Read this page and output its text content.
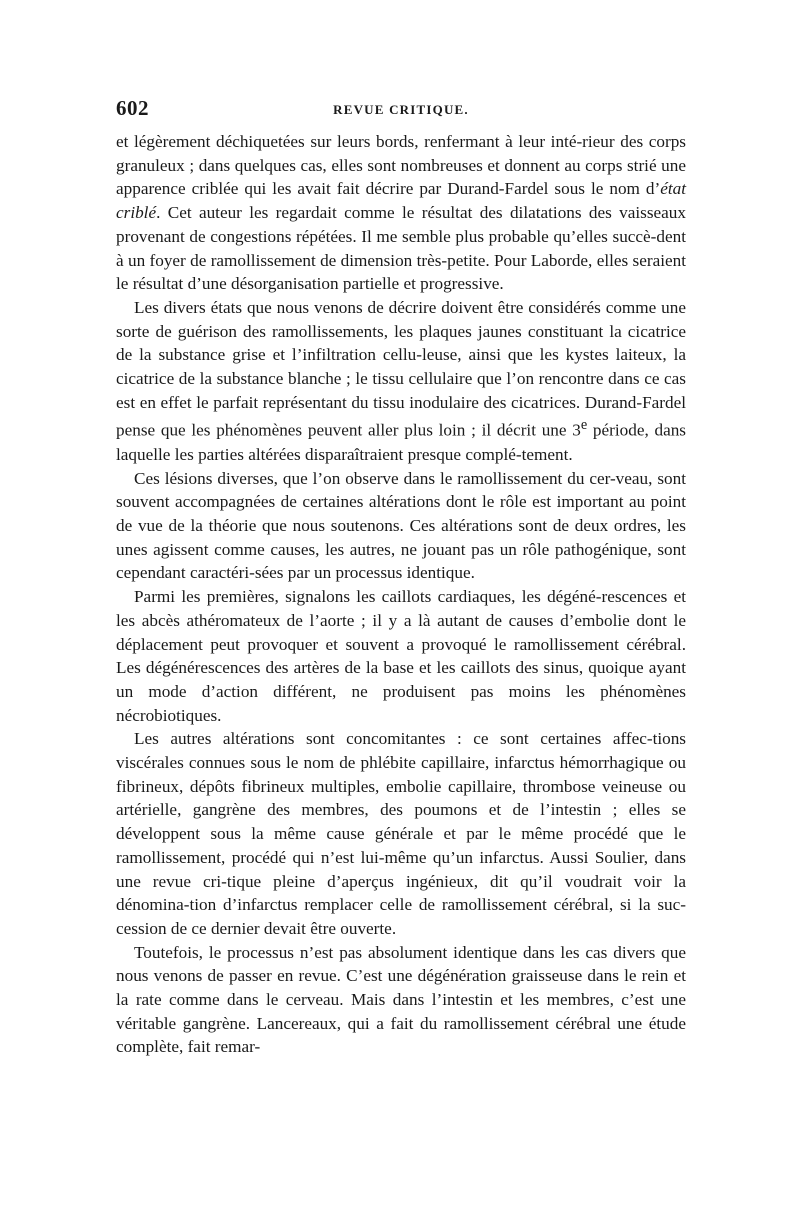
602	REVUE CRITIQUE.

et légèrement déchiquetées sur leurs bords, renfermant à leur inté-rieur des corps granuleux ; dans quelques cas, elles sont nombreuses et donnent au corps strié une apparence criblée qui les avait fait décrire par Durand-Fardel sous le nom d’état criblé. Cet auteur les regardait comme le résultat des dilatations des vaisseaux provenant de congestions répétées. Il me semble plus probable qu’elles succè-dent à un foyer de ramollissement de dimension très-petite. Pour Laborde, elles seraient le résultat d’une désorganisation partielle et progressive.

Les divers états que nous venons de décrire doivent être considérés comme une sorte de guérison des ramollissements, les plaques jaunes constituant la cicatrice de la substance grise et l’infiltration cellu-leuse, ainsi que les kystes laiteux, la cicatrice de la substance blanche ; le tissu cellulaire que l’on rencontre dans ce cas est en effet le parfait représentant du tissu inodulaire des cicatrices. Durand-Fardel pense que les phénomènes peuvent aller plus loin ; il décrit une 3e période, dans laquelle les parties altérées disparaîtraient presque complé-tement.

Ces lésions diverses, que l’on observe dans le ramollissement du cer-veau, sont souvent accompagnées de certaines altérations dont le rôle est important au point de vue de la théorie que nous soutenons. Ces altérations sont de deux ordres, les unes agissent comme causes, les autres, ne jouant pas un rôle pathogénique, sont cependant caractéri-sées par un processus identique.

Parmi les premières, signalons les caillots cardiaques, les dégéné-rescences et les abcès athéromateux de l’aorte ; il y a là autant de causes d’embolie dont le déplacement peut provoquer et souvent a provoqué le ramollissement cérébral. Les dégénérescences des artères de la base et les caillots des sinus, quoique ayant un mode d’action différent, ne produisent pas moins les phénomènes nécrobiotiques.

Les autres altérations sont concomitantes : ce sont certaines affec-tions viscérales connues sous le nom de phlébite capillaire, infarctus hémorrhagique ou fibrineux, dépôts fibrineux multiples, embolie capillaire, thrombose veineuse ou artérielle, gangrène des membres, des poumons et de l’intestin ; elles se développent sous la même cause générale et par le même procédé que le ramollissement, procédé qui n’est lui-même qu’un infarctus. Aussi Soulier, dans une revue cri-tique pleine d’aperçus ingénieux, dit qu’il voudrait voir la dénomina-tion d’infarctus remplacer celle de ramollissement cérébral, si la suc-cession de ce dernier devait être ouverte.

Toutefois, le processus n’est pas absolument identique dans les cas divers que nous venons de passer en revue. C’est une dégénération graisseuse dans le rein et la rate comme dans le cerveau. Mais dans l’intestin et les membres, c’est une véritable gangrène. Lancereaux, qui a fait du ramollissement cérébral une étude complète, fait remar-
